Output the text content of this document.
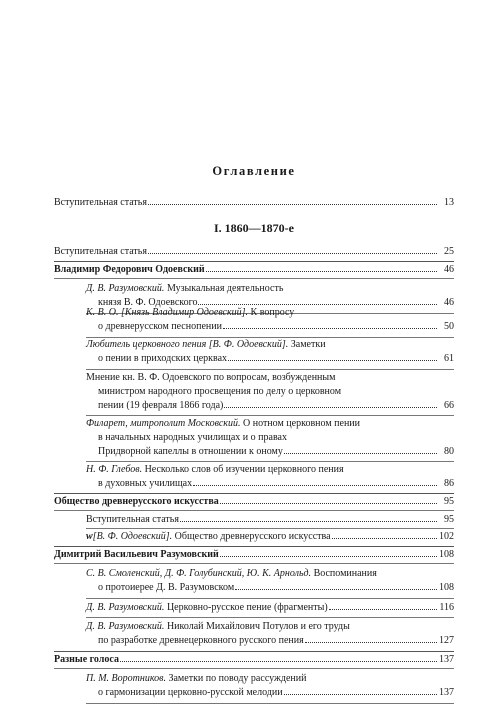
Оглавление
Вступительная статья	13
I. 1860—1870-е
Вступительная статья	25
Владимир Федорович Одоевский	46
Д. В. Разумовский. Музыкальная деятельность
князя В. Ф. Одоевского	46
К. В. О. [Князь Владимир Одоевский]. К вопросу
о древнерусском песнопении	50
Любитель церковного пения [В. Ф. Одоевский]. Заметки
о пении в приходских церквах	61
Мнение кн. В. Ф. Одоевского по вопросам, возбужденным
министром народного просвещения по делу о церковном
пении (19 февраля 1866 года)	66
Филарет, митрополит Московский. О нотном церковном пении
в начальных народных училищах и о правах
Придворной капеллы в отношении к оному	80
Н. Ф. Глебов. Несколько слов об изучении церковного пения
в духовных училищах	86
Общество древнерусского искусства	95
Вступительная статья	95
w[В. Ф. Одоевский]. Общество древнерусского искусства	102
Димитрий Васильевич Разумовский	108
С. В. Смоленский, Д. Ф. Голубинский, Ю. К. Арнольд. Воспоминания
о протоиерее Д. В. Разумовском	108
Д. В. Разумовский. Церковно-русское пение (фрагменты)	116
Д. В. Разумовский. Николай Михайлович Потулов и его труды
по разработке древнецерковного русского пения	127
Разные голоса	137
П. М. Воротников. Заметки по поводу рассуждений
о гармонизации церковно-русской мелодии	137
